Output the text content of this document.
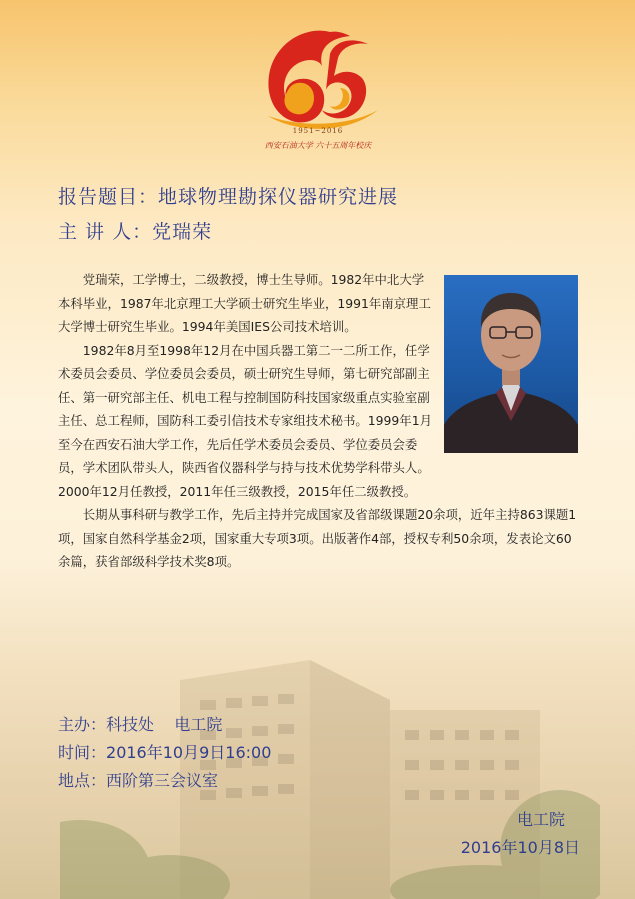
1951~2016
西安石油大学 六十五周年校庆
报告题目：地球物理勘探仪器研究进展
主 讲 人：党瑞荣

党瑞荣，工学博士，二级教授，博士生导师。1982年中北大学本科毕业，1987年北京理工大学硕士研究生毕业，1991年南京理工大学博士研究生毕业。1994年美国IES公司技术培训。

1982年8月至1998年12月在中国兵器工第二一二所工作，任学术委员会委员、学位委员会委员，硕士研究生导师，第七研究部副主任、第一研究部主任、机电工程与控制国防科技国家级重点实验室副主任、总工程师，国防科工委引信技术专家组技术秘书。1999年1月至今在西安石油大学工作，先后任学术委员会委员、学位委员会委员，学术团队带头人，陕西省仪器科学与持与技术优势学科带头人。2000年12月任教授，2011年任三级教授，2015年任二级教授。

长期从事科研与教学工作，先后主持并完成国家及省部级课题20余项，近年主持863课题1项，国家自然科学基金2项，国家重大专项3项。出版著作4部，授权专利50余项，发表论文60余篇，获省部级科学技术奖8项。

主办：科技处    电工院
时间：2016年10月9日16:00
地点：西阶第三会议室
电工院
2016年10月8日
